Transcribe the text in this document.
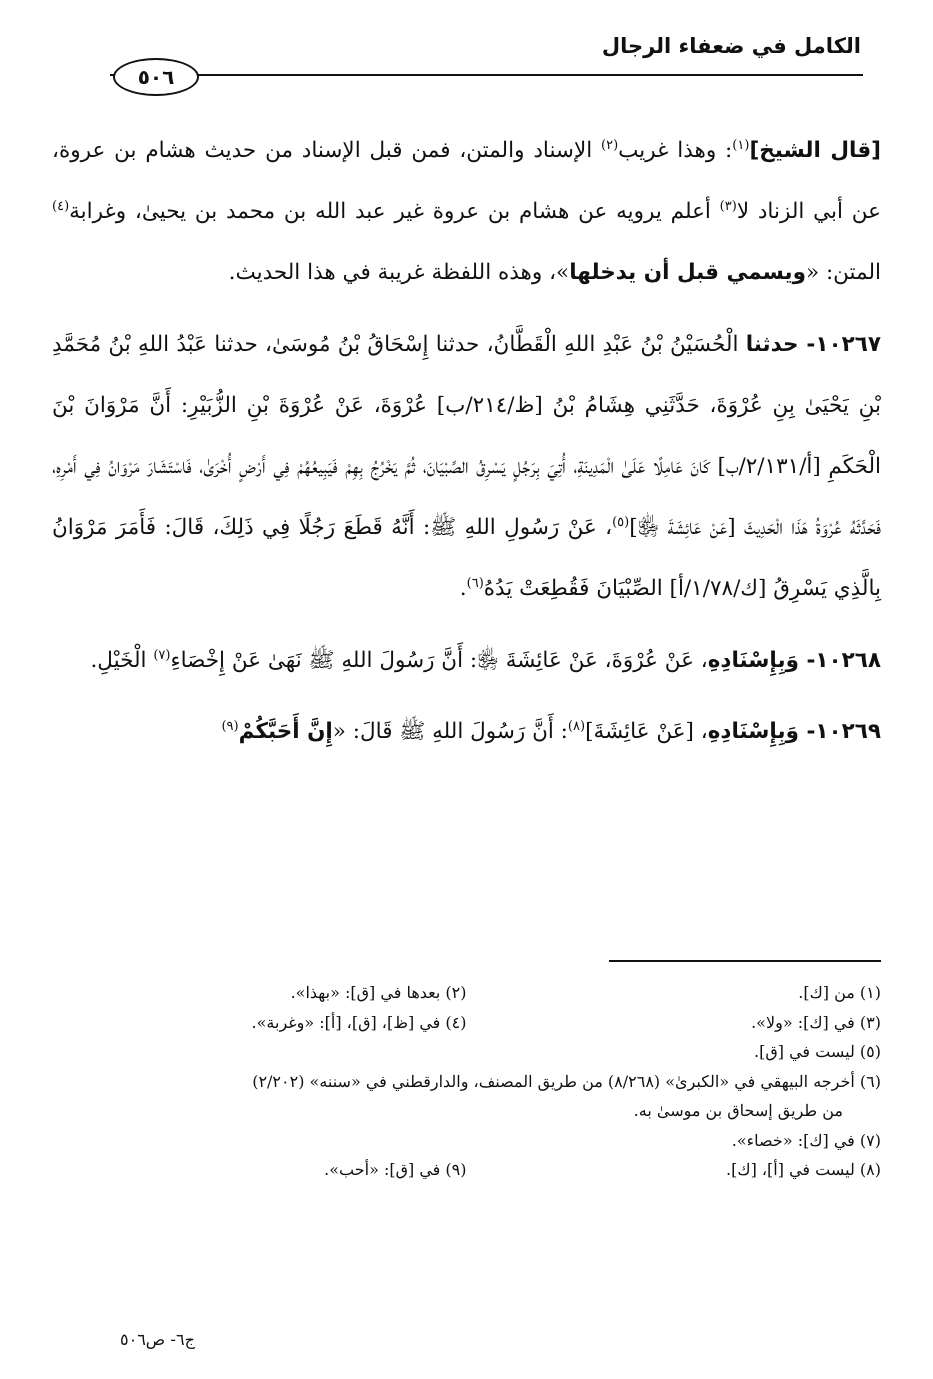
الكامل في ضعفاء الرجال
٥٠٦

[قال الشيخ]$^{(١)}$: وهذا غريب$^{(٢)}$ الإسناد والمتن، فمن قبل الإسناد من حديث هشام بن عروة، عن أبي الزناد لا$^{(٣)}$ أعلم يرويه عن هشام بن عروة غير عبد الله بن محمد بن يحيىٰ، وغرابة$^{(٤)}$ المتن: «ويسمي قبل أن يدخلها»، وهذه اللفظة غريبة في هذا الحديث.

١٠٢٦٧- حدثنا الْحُسَيْنُ بْنُ عَبْدِ اللهِ الْقَطَّانُ، حدثنا إِسْحَاقُ بْنُ مُوسَىٰ، حدثنا عَبْدُ اللهِ بْنُ مُحَمَّدِ بْنِ يَحْيَىٰ بِنِ عُرْوَةَ، حَدَّثَنِي هِشَامُ بْنُ [ظ/٢١٤/ب] عُرْوَةَ، عَنْ عُرْوَةَ بْنِ الزُّبَيْرِ: أَنَّ مَرْوَانَ بْنَ الْحَكَمِ [أ/٢/١٣١/ب] كَانَ عَامِلًا عَلَىٰ الْمَدِينَةِ، أُتِيَ بِرَجُلٍ يَسْرِقُ الصِّبْيَانَ، ثُمَّ يَخْرُجُ بِهِمْ فَيَبِيعُهُمْ فِي أَرْضٍ أُخْرَىٰ، فَاسْتَشَارَ مَرْوَانُ فِي أَمْرِهِ، فَحَدَّثَهُ عُرْوَةُ هَذَا الْحَدِيثَ [عَنْ عَائِشَةَ ﵂]$^{(٥)}$، عَنْ رَسُولِ اللهِ ﷺ: أَنَّهُ قَطَعَ رَجُلًا فِي ذَلِكَ، قَالَ: فَأَمَرَ مَرْوَانُ بِالَّذِي يَسْرِقُ [ك/١/٧٨/أ] الصِّبْيَانَ فَقُطِعَتْ يَدُهُ$^{(٦)}$.

١٠٢٦٨- وَبِإِسْنَادِهِ، عَنْ عُرْوَةَ، عَنْ عَائِشَةَ ﵂: أَنَّ رَسُولَ اللهِ ﷺ نَهَىٰ عَنْ إِخْصَاءِ$^{(٧)}$ الْخَيْلِ.

١٠٢٦٩- وَبِإِسْنَادِهِ، [عَنْ عَائِشَةَ]$^{(٨)}$: أَنَّ رَسُولَ اللهِ ﷺ قَالَ: «إِنَّ أَحَبَّكُمْ$^{(٩)}$

(١) من [ك].
(٢) بعدها في [ق]: «بهذا».
(٣) في [ك]: «ولا».
(٤) في [ظ]، [ق]، [أ]: «وغربة».
(٥) ليست في [ق].
(٦) أخرجه البيهقي في «الكبرىٰ» (٨/٢٦٨) من طريق المصنف، والدارقطني في «سننه» (٢/٢٠٢)
من طريق إسحاق بن موسىٰ به.
(٧) في [ك]: «خصاء».
(٨) ليست في [أ]، [ك].
(٩) في [ق]: «أحب».
ج٦- ص٥٠٦
